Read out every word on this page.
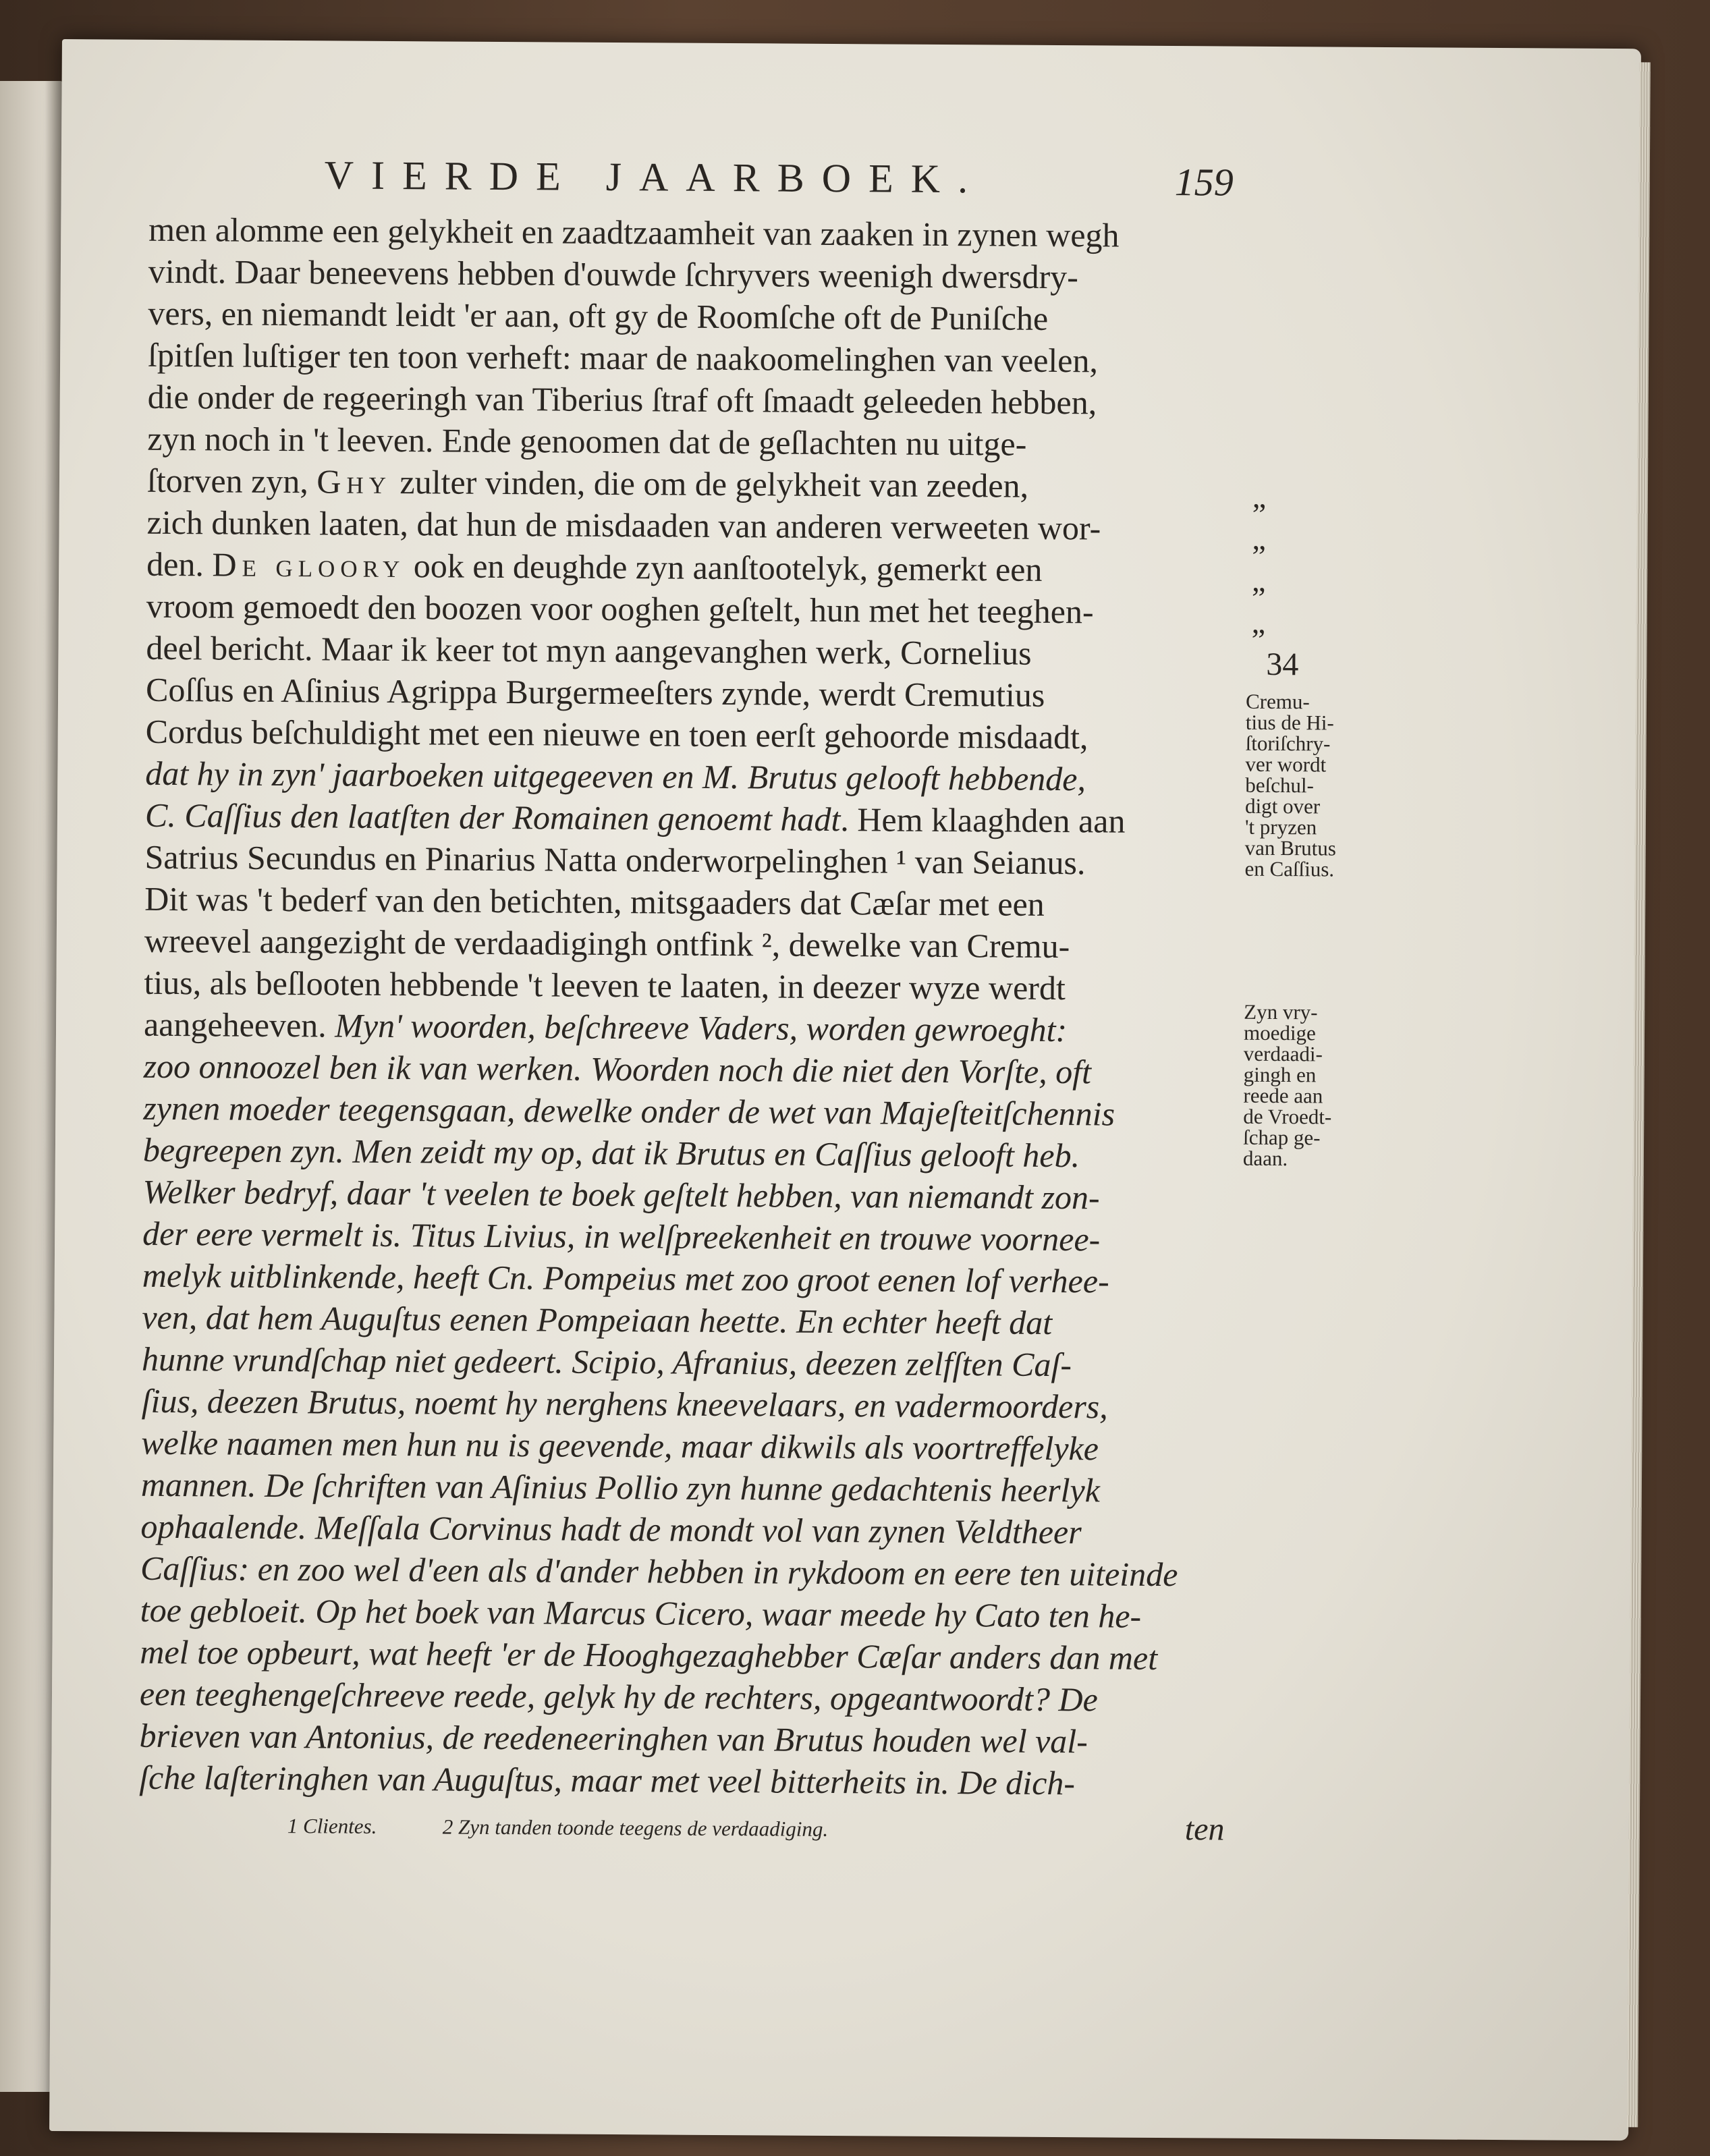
VIERDE JAARBOEK.	159
men alomme een gelykheit en zaadtzaamheit van zaaken in zynen wegh
vindt. Daar beneevens hebben d'ouwde ſchryvers weenigh dwersdry-
vers, en niemandt leidt 'er aan, oft gy de Roomſche oft de Puniſche
ſpitſen luſtiger ten toon verheft: maar de naakoomelinghen van veelen,
die onder de regeeringh van Tiberius ſtraf oft ſmaadt geleeden hebben,
zyn noch in 't leeven. Ende genoomen dat de geſlachten nu uitge-
ſtorven zyn, Ghy zulter vinden, die om de gelykheit van zeeden,
zich dunken laaten, dat hun de misdaaden van anderen verweeten wor-
den. De gloory ook en deughde zyn aanſtootelyk, gemerkt een
vroom gemoedt den boozen voor ooghen geſtelt, hun met het teeghen-
deel bericht. Maar ik keer tot myn aangevanghen werk, Cornelius
Coſſus en Aſinius Agrippa Burgermeeſters zynde, werdt Cremutius
Cordus beſchuldight met een nieuwe en toen eerſt gehoorde misdaadt,
dat hy in zyn' jaarboeken uitgegeeven en M. Brutus gelooft hebbende,
C. Caſſius den laatſten der Romainen genoemt hadt. Hem klaaghden aan
Satrius Secundus en Pinarius Natta onderworpelinghen ¹ van Seianus.
Dit was 't bederf van den betichten, mitsgaaders dat Cæſar met een
wreevel aangezight de verdaadigingh ontfink ², dewelke van Cremu-
tius, als beſlooten hebbende 't leeven te laaten, in deezer wyze werdt
aangeheeven. Myn' woorden, beſchreeve Vaders, worden gewroeght:
zoo onnoozel ben ik van werken. Woorden noch die niet den Vorſte, oft
zynen moeder teegensgaan, dewelke onder de wet van Majeſteitſchennis
begreepen zyn. Men zeidt my op, dat ik Brutus en Caſſius gelooft heb.
Welker bedryf, daar 't veelen te boek geſtelt hebben, van niemandt zon-
der eere vermelt is. Titus Livius, in welſpreekenheit en trouwe voornee-
melyk uitblinkende, heeft Cn. Pompeius met zoo groot eenen lof verhee-
ven, dat hem Auguſtus eenen Pompeiaan heette. En echter heeft dat
hunne vrundſchap niet gedeert. Scipio, Afranius, deezen zelfſten Caſ-
ſius, deezen Brutus, noemt hy nerghens kneevelaars, en vadermoorders,
welke naamen men hun nu is geevende, maar dikwils als voortreffelyke
mannen. De ſchriften van Aſinius Pollio zyn hunne gedachtenis heerlyk
ophaalende. Meſſala Corvinus hadt de mondt vol van zynen Veldtheer
Caſſius: en zoo wel d'een als d'ander hebben in rykdoom en eere ten uiteinde
toe gebloeit. Op het boek van Marcus Cicero, waar meede hy Cato ten he-
mel toe opbeurt, wat heeft 'er de Hooghgezaghebber Cæſar anders dan met
een teeghengeſchreeve reede, gelyk hy de rechters, opgeantwoordt? De
brieven van Antonius, de reedeneeringhen van Brutus houden wel val-
ſche laſteringhen van Auguſtus, maar met veel bitterheits in. De dich-
„
„
„
„
34
Cremu-
tius de Hi-
ſtoriſchry-
ver wordt
beſchul-
digt over
't pryzen
van Brutus
en Caſſius.
Zyn vry-
moedige
verdaadi-
gingh en
reede aan
de Vroedt-
ſchap ge-
daan.
1 Clientes.	2 Zyn tanden toonde teegens de verdaadiging.	ten
